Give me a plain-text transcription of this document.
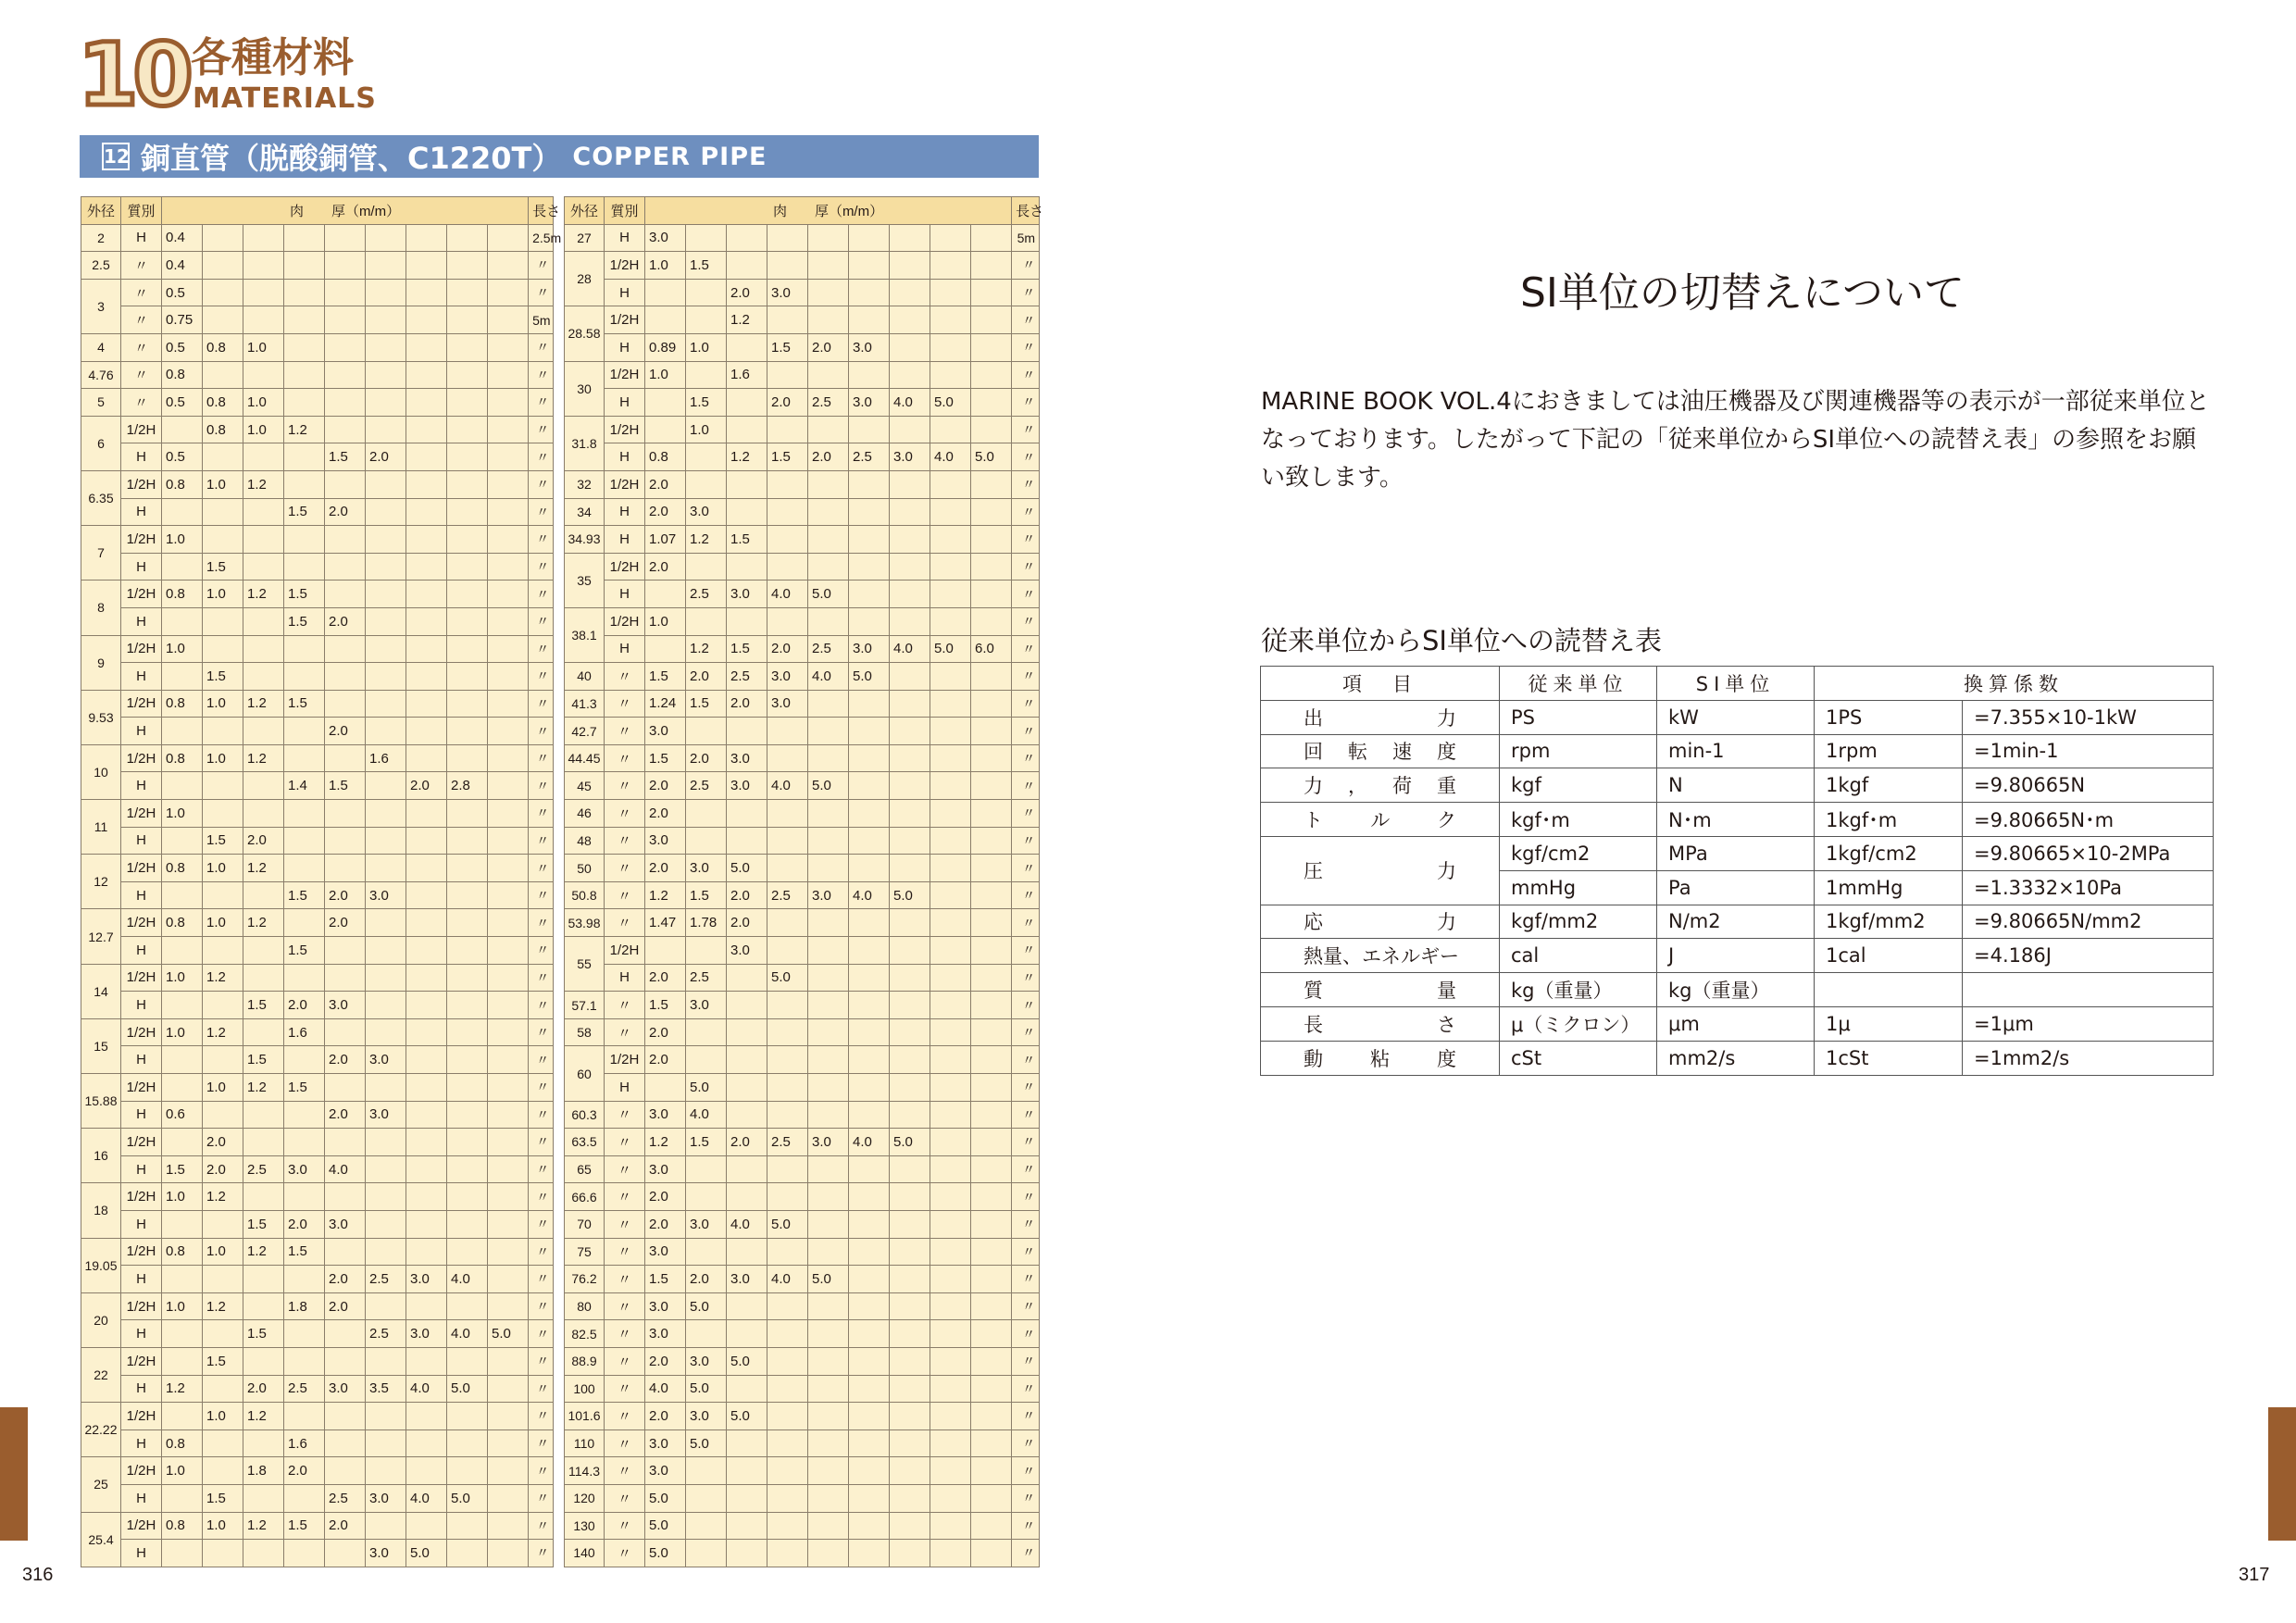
10 各種材料
MATERIALS
12 銅直管（脱酸銅管、C1220T） COPPER PIPE
外径	質別	肉　　厚（m/m）									長さ
2	H	0.4									2.5m
2.5	〃	0.4									〃
3	〃	0.5									〃
	〃	0.75									5m
4	〃	0.5	0.8	1.0							〃
4.76	〃	0.8									〃
5	〃	0.5	0.8	1.0							〃
6	1/2H		0.8	1.0	1.2						〃
	H	0.5				1.5	2.0				〃
6.35	1/2H	0.8	1.0	1.2							〃
	H				1.5	2.0					〃
7	1/2H	1.0									〃
	H		1.5								〃
8	1/2H	0.8	1.0	1.2	1.5						〃
	H				1.5	2.0					〃
9	1/2H	1.0									〃
	H		1.5								〃
9.53	1/2H	0.8	1.0	1.2	1.5						〃
	H					2.0					〃
10	1/2H	0.8	1.0	1.2			1.6				〃
	H				1.4	1.5		2.0	2.8		〃
11	1/2H	1.0									〃
	H		1.5	2.0							〃
12	1/2H	0.8	1.0	1.2							〃
	H				1.5	2.0	3.0				〃
12.7	1/2H	0.8	1.0	1.2		2.0					〃
	H				1.5						〃
14	1/2H	1.0	1.2								〃
	H			1.5	2.0	3.0					〃
15	1/2H	1.0	1.2		1.6						〃
	H			1.5		2.0	3.0				〃
15.88	1/2H		1.0	1.2	1.5						〃
	H	0.6				2.0	3.0				〃
16	1/2H		2.0								〃
	H	1.5	2.0	2.5	3.0	4.0					〃
18	1/2H	1.0	1.2								〃
	H			1.5	2.0	3.0					〃
19.05	1/2H	0.8	1.0	1.2	1.5						〃
	H					2.0	2.5	3.0	4.0		〃
20	1/2H	1.0	1.2		1.8	2.0					〃
	H			1.5			2.5	3.0	4.0	5.0	〃
22	1/2H		1.5								〃
	H	1.2		2.0	2.5	3.0	3.5	4.0	5.0		〃
22.22	1/2H		1.0	1.2							〃
	H	0.8			1.6						〃
25	1/2H	1.0		1.8	2.0						〃
	H		1.5			2.5	3.0	4.0	5.0		〃
25.4	1/2H	0.8	1.0	1.2	1.5	2.0					〃
	H						3.0	5.0			〃
外径	質別	肉　　厚（m/m）									長さ
27	H	3.0									5m
28	1/2H	1.0	1.5								〃
	H			2.0	3.0						〃
28.58	1/2H			1.2							〃
	H	0.89	1.0		1.5	2.0	3.0				〃
30	1/2H	1.0		1.6							〃
	H		1.5		2.0	2.5	3.0	4.0	5.0		〃
31.8	1/2H		1.0								〃
	H	0.8		1.2	1.5	2.0	2.5	3.0	4.0	5.0	〃
32	1/2H	2.0									〃
34	H	2.0	3.0								〃
34.93	H	1.07	1.2	1.5							〃
35	1/2H	2.0									〃
	H		2.5	3.0	4.0	5.0					〃
38.1	1/2H	1.0									〃
	H		1.2	1.5	2.0	2.5	3.0	4.0	5.0	6.0	〃
40	〃	1.5	2.0	2.5	3.0	4.0	5.0				〃
41.3	〃	1.24	1.5	2.0	3.0						〃
42.7	〃	3.0									〃
44.45	〃	1.5	2.0	3.0							〃
45	〃	2.0	2.5	3.0	4.0	5.0					〃
46	〃	2.0									〃
48	〃	3.0									〃
50	〃	2.0	3.0	5.0							〃
50.8	〃	1.2	1.5	2.0	2.5	3.0	4.0	5.0			〃
53.98	〃	1.47	1.78	2.0							〃
55	1/2H			3.0							〃
	H	2.0	2.5		5.0						〃
57.1	〃	1.5	3.0								〃
58	〃	2.0									〃
60	1/2H	2.0									〃
	H		5.0								〃
60.3	〃	3.0	4.0								〃
63.5	〃	1.2	1.5	2.0	2.5	3.0	4.0	5.0			〃
65	〃	3.0									〃
66.6	〃	2.0									〃
70	〃	2.0	3.0	4.0	5.0						〃
75	〃	3.0									〃
76.2	〃	1.5	2.0	3.0	4.0	5.0					〃
80	〃	3.0	5.0								〃
82.5	〃	3.0									〃
88.9	〃	2.0	3.0	5.0							〃
100	〃	4.0	5.0								〃
101.6	〃	2.0	3.0	5.0							〃
110	〃	3.0	5.0								〃
114.3	〃	3.0									〃
120	〃	5.0									〃
130	〃	5.0									〃
140	〃	5.0									〃
316	317
SI単位の切替えについて
MARINE BOOK VOL.4におきましては油圧機器及び関連機器等の表示が一部従来単位となっております。したがって下記の「従来単位からSI単位への読替え表」の参照をお願い致します。
従来単位からSI単位への読替え表
項　目	従来単位	SI単位	換算係数	
出力	PS	kW	1PS	=7.355×10-1kW
回転速度	rpm	min-1	1rpm	=1min-1
力，荷重	kgf	N	1kgf	=9.80665N
トルク	kgf･m	N･m	1kgf･m	=9.80665N･m
圧力	kgf/cm2	MPa	1kgf/cm2	=9.80665×10-2MPa
	mmHg	Pa	1mmHg	=1.3332×10Pa
応力	kgf/mm2	N/m2	1kgf/mm2	=9.80665N/mm2
熱量、エネルギー	cal	J	1cal	=4.186J
質量	kg（重量）	kg（重量）		
長さ	μ（ミクロン）	μm	1μ	=1μm
動粘度	cSt	mm2/s	1cSt	=1mm2/s
